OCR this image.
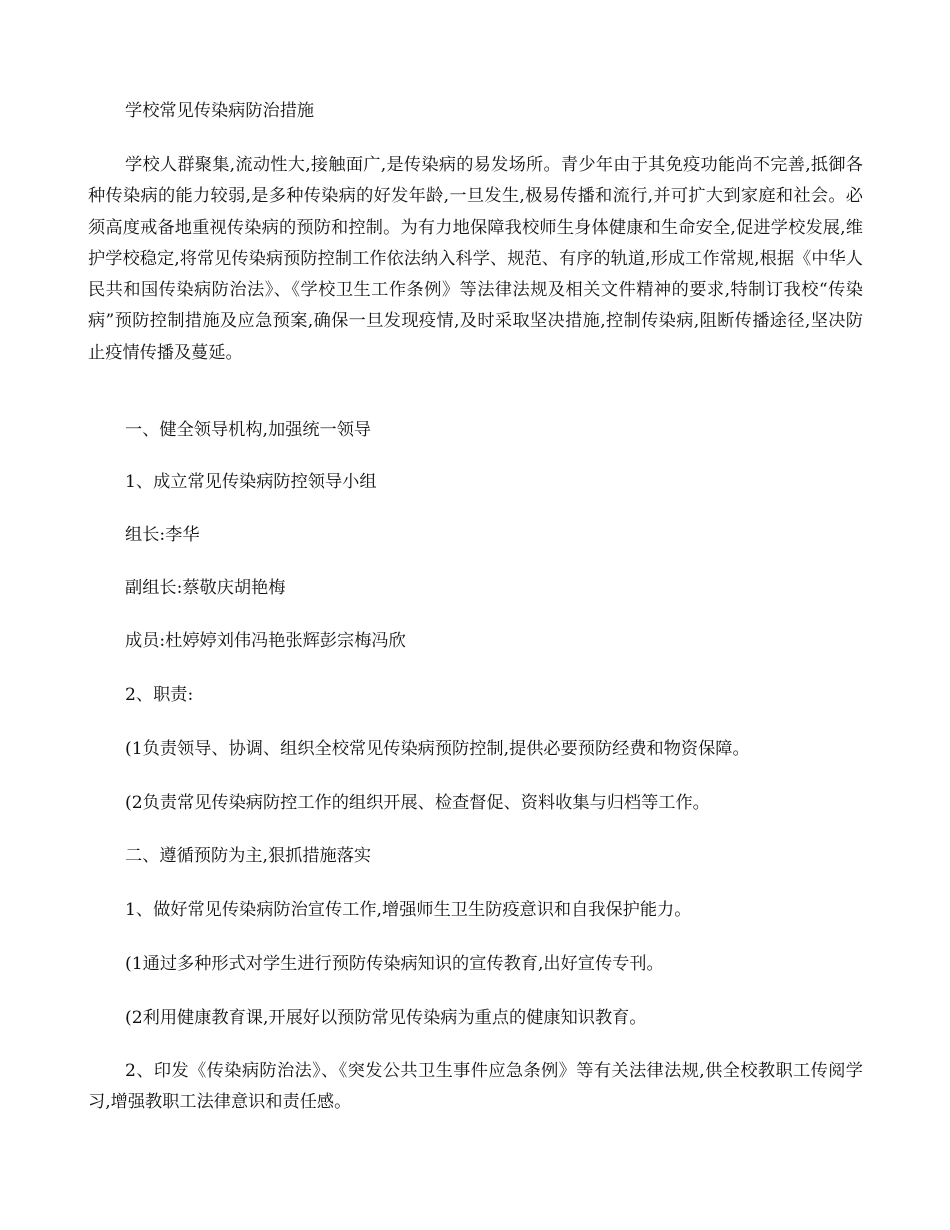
学校常见传染病防治措施

学校人群聚集,流动性大,接触面广,是传染病的易发场所。青少年由于其免疫功能尚不完善,抵御各种传染病的能力较弱,是多种传染病的好发年龄,一旦发生,极易传播和流行,并可扩大到家庭和社会。必须高度戒备地重视传染病的预防和控制。为有力地保障我校师生身体健康和生命安全,促进学校发展,维护学校稳定,将常见传染病预防控制工作依法纳入科学、规范、有序的轨道,形成工作常规,根据《中华人民共和国传染病防治法》、《学校卫生工作条例》等法律法规及相关文件精神的要求,特制订我校“传染病”预防控制措施及应急预案,确保一旦发现疫情,及时采取坚决措施,控制传染病,阻断传播途径,坚决防止疫情传播及蔓延。

一、健全领导机构,加强统一领导

1、成立常见传染病防控领导小组

组长:李华

副组长:蔡敬庆胡艳梅

成员:杜婷婷刘伟冯艳张辉彭宗梅冯欣

2、职责:

(1负责领导、协调、组织全校常见传染病预防控制,提供必要预防经费和物资保障。

(2负责常见传染病防控工作的组织开展、检查督促、资料收集与归档等工作。

二、遵循预防为主,狠抓措施落实

1、做好常见传染病防治宣传工作,增强师生卫生防疫意识和自我保护能力。

(1通过多种形式对学生进行预防传染病知识的宣传教育,出好宣传专刊。

(2利用健康教育课,开展好以预防常见传染病为重点的健康知识教育。

2、印发《传染病防治法》、《突发公共卫生事件应急条例》等有关法律法规,供全校教职工传阅学习,增强教职工法律意识和责任感。
